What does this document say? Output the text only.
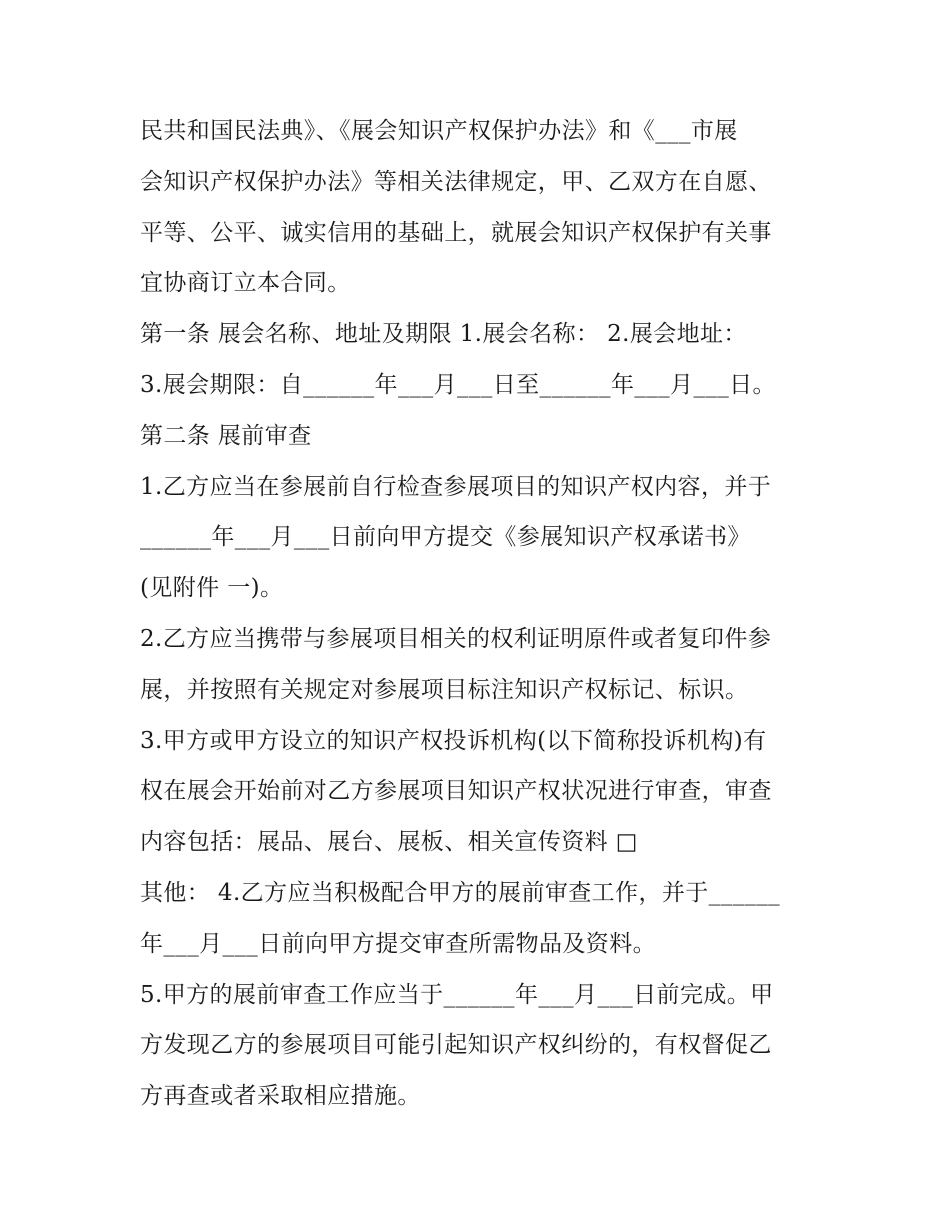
民共和国民法典》、《展会知识产权保护办法》和《___市展
会知识产权保护办法》等相关法律规定，甲、乙双方在自愿、
平等、公平、诚实信用的基础上，就展会知识产权保护有关事
宜协商订立本合同。
第一条 展会名称、地址及期限 1.展会名称： 2.展会地址：
3.展会期限：自______年___月___日至______年___月___日。
第二条 展前审查
1.乙方应当在参展前自行检查参展项目的知识产权内容，并于
______年___月___日前向甲方提交《参展知识产权承诺书》
(见附件 一)。
2.乙方应当携带与参展项目相关的权利证明原件或者复印件参
展，并按照有关规定对参展项目标注知识产权标记、标识。
3.甲方或甲方设立的知识产权投诉机构(以下简称投诉机构)有
权在展会开始前对乙方参展项目知识产权状况进行审查，审查
内容包括：展品、展台、展板、相关宣传资料 □
其他： 4.乙方应当积极配合甲方的展前审查工作，并于______
年___月___日前向甲方提交审查所需物品及资料。
5.甲方的展前审查工作应当于______年___月___日前完成。甲
方发现乙方的参展项目可能引起知识产权纠纷的，有权督促乙
方再查或者采取相应措施。
